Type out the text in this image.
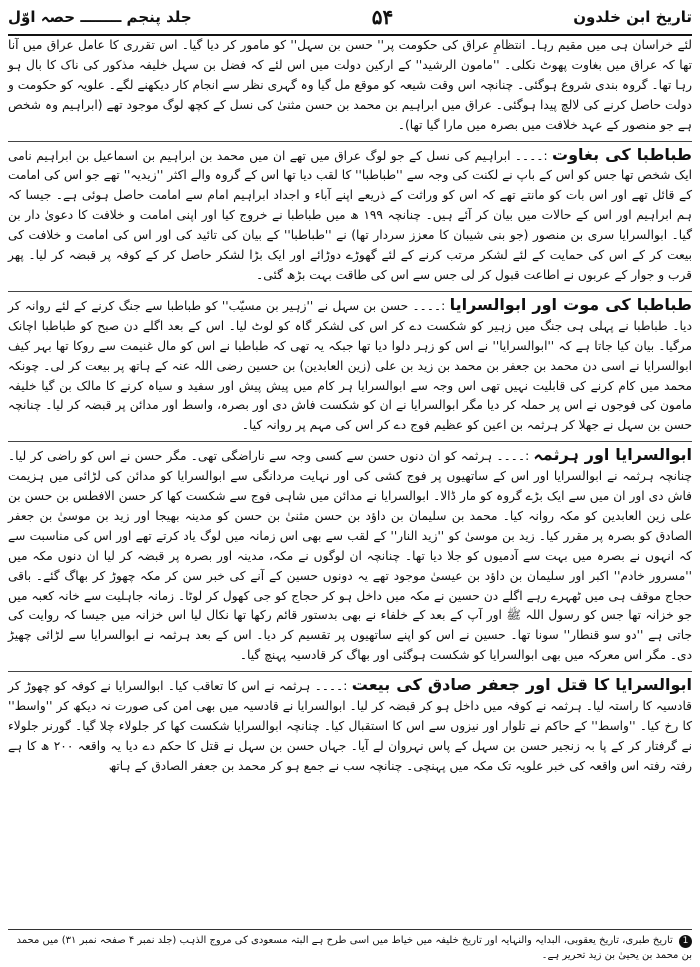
تاریخ ابن خلدون
۵۴
جلد پنجم ــــــــ حصہ اوّل

لئے خراسان ہی میں مقیم رہا۔ انتظامِ عراق کی حکومت پر'' حسن بن سہل'' کو مامور کر دیا گیا۔ اس تقرری کا عامل عراق میں آنا تھا کہ عراق میں بغاوت پھوٹ نکلی۔ ''مامون الرشید'' کے ارکین دولت میں اس لئے کہ فضل بن سہل خلیفہ مذکور کی ناک کا بال ہو رہا تھا۔ گروہ بندی شروع ہوگئی۔ چنانچہ اس وقت شیعہ کو موقع مل گیا وہ گہری نظر سے انجام کار دیکھنے لگے۔ علویہ کو حکومت و دولت حاصل کرنے کی لالچ پیدا ہوگئی۔ عراق میں ابراہیم بن محمد بن حسن مثنیٰ کی نسل کے کچھ لوگ موجود تھے (ابراہیم وہ شخص ہے جو منصور کے عہد خلافت میں بصرہ میں مارا گیا تھا)۔

طباطبا کی بغاوت :۔۔۔۔ ابراہیم کی نسل کے جو لوگ عراق میں تھے ان میں محمد بن ابراہیم بن اسماعیل بن ابراہیم نامی ایک شخص تھا جس کو اس کے باپ نے لکنت کی وجہ سے ''طباطبا'' کا لقب دیا تھا اس کے گروہ والے اکثر ''زیدیہ'' تھے جو اس کی امامت کے قائل تھے اور اس بات کو مانتے تھے کہ اس کو وراثت کے ذریعے اپنے آباء و اجداد ابراہیم امام سے امامت حاصل ہوئی ہے۔ جیسا کہ ہم ابراہیم اور اس کے حالات میں بیان کر آئے ہیں۔ چنانچہ ۱۹۹ ھ میں طباطبا نے خروج کیا اور اپنی امامت و خلافت کا دعویٰ دار بن گیا۔ ابوالسرایا سری بن منصور (جو بنی شیبان کا معزز سردار تھا) نے ''طباطبا'' کے بیان کی تائید کی اور اس کی امامت و خلافت کی بیعت کر کے اس کی حمایت کے لئے لشکر مرتب کرنے کے لئے گھوڑے دوڑائے اور ایک بڑا لشکر حاصل کر کے کوفہ پر قبضہ کر لیا۔ پھر قرب و جوار کے عربوں نے اطاعت قبول کر لی جس سے اس کی طاقت بہت بڑھ گئی۔

طباطبا کی موت اور ابوالسرایا :۔۔۔۔ حسن بن سہل نے ''زہیر بن مسیّب'' کو طباطبا سے جنگ کرنے کے لئے روانہ کر دیا۔ طباطبا نے پہلی ہی جنگ میں زہیر کو شکست دے کر اس کی لشکر گاہ کو لوٹ لیا۔ اس کے بعد اگلے دن صبح کو طباطبا اچانک مرگیا۔ بیان کیا جاتا ہے کہ ''ابوالسرایا'' نے اس کو زہر دلوا دیا تھا جبکہ یہ تھی کہ طباطبا نے اس کو مال غنیمت سے روکا تھا بہر کیف ابوالسرایا نے اسی دن محمد بن جعفر بن محمد بن زید بن علی (زین العابدین) بن حسین رضی اللہ عنہ کے ہاتھ پر بیعت کر لی۔ چونکہ محمد میں کام کرنے کی قابلیت نہیں تھی اس وجہ سے ابوالسرایا ہر کام میں پیش پیش اور سفید و سیاہ کرنے کا مالک بن گیا خلیفہ مامون کی فوجوں نے اس پر حملہ کر دیا مگر ابوالسرایا نے ان کو شکست فاش دی اور بصرہ، واسط اور مدائن پر قبضہ کر لیا۔ چنانچہ حسن بن سہل نے جھلا کر ہرثمہ بن اعین کو عظیم فوج دے کر اس کی مہم پر روانہ کیا۔

ابوالسرایا اور ہرثمہ :۔۔۔۔ ہرثمہ کو ان دنوں حسن سے کسی وجہ سے ناراضگی تھی۔ مگر حسن نے اس کو راضی کر لیا۔ چنانچہ ہرثمہ نے ابوالسرایا اور اس کے ساتھیوں پر فوج کشی کی اور نہایت مردانگی سے ابوالسرایا کو مدائن کی لڑائی میں ہزیمت فاش دی اور ان میں سے ایک بڑے گروہ کو مار ڈالا۔ ابوالسرایا نے مدائن میں شاہی فوج سے شکست کھا کر حسن الافطس بن حسن بن علی زین العابدین کو مکہ روانہ کیا۔ محمد بن سلیمان بن داؤد بن حسن مثنیٰ بن حسن کو مدینہ بھیجا اور زید بن موسیٰ بن جعفر الصادق کو بصرہ پر مقرر کیا۔ زید بن موسیٰ کو ''زید النار'' کے لقب سے بھی اس زمانہ میں لوگ یاد کرتے تھے اور اس کی مناسبت سے کہ انہوں نے بصرہ میں بہت سے آدمیوں کو جلا دیا تھا۔ چنانچہ ان لوگوں نے مکہ، مدینہ اور بصرہ پر قبضہ کر لیا ان دنوں مکہ میں ''مسرور خادم'' اکبر اور سلیمان بن داؤد بن عیسیٰ موجود تھے یہ دونوں حسین کے آنے کی خبر سن کر مکہ چھوڑ کر بھاگ گئے۔ باقی حجاج موقف ہی میں ٹھہرے رہے اگلے دن حسین نے مکہ میں داخل ہو کر حجاج کو جی کھول کر لوٹا۔ زمانہ جاہلیت سے خانہ کعبہ میں جو خزانہ تھا جس کو رسول اللہ ﷺ اور آپ کے بعد کے خلفاء نے بھی بدستور قائم رکھا تھا نکال لیا اس خزانہ میں جیسا کہ روایت کی جاتی ہے ''دو سو قنطار'' سونا تھا۔ حسین نے اس کو اپنے ساتھیوں پر تقسیم کر دیا۔ اس کے بعد ہرثمہ نے ابوالسرایا سے لڑائی چھیڑ دی۔ مگر اس معرکہ میں بھی ابوالسرایا کو شکست ہوگئی اور بھاگ کر قادسیہ پہنچ گیا۔

ابوالسرایا کا قتل اور جعفر صادق کی بیعت :۔۔۔۔ ہرثمہ نے اس کا تعاقب کیا۔ ابوالسرایا نے کوفہ کو چھوڑ کر قادسیہ کا راستہ لیا۔ ہرثمہ نے کوفہ میں داخل ہو کر قبضہ کر لیا۔ ابوالسرایا نے قادسیہ میں بھی امن کی صورت نہ دیکھ کر ''واسط'' کا رخ کیا۔ ''واسط'' کے حاکم نے تلوار اور نیزوں سے اس کا استقبال کیا۔ چنانچہ ابوالسرایا شکست کھا کر جلولاء چلا گیا۔ گورنر جلولاء نے گرفتار کر کے پا بہ زنجیر حسن بن سہل کے پاس نہروان لے آیا۔ جہاں حسن بن سہل نے قتل کا حکم دے دیا یہ واقعہ ۲۰۰ ھ کا ہے رفتہ رفتہ اس واقعہ کی خبر علویہ تک مکہ میں پہنچی۔ چنانچہ سب نے جمع ہو کر محمد بن جعفر الصادق کے ہاتھ

1 تاریخ طبری، تاریخ یعقوبی، البدایہ والنہایہ اور تاریخ خلیفہ میں خیاط میں اسی طرح ہے البتہ مسعودی کی مروج الذہب (جلد نمبر ۴ صفحہ نمبر ۳۱) میں محمد بن محمد بن یحییٰ بن زید تحریر ہے۔
